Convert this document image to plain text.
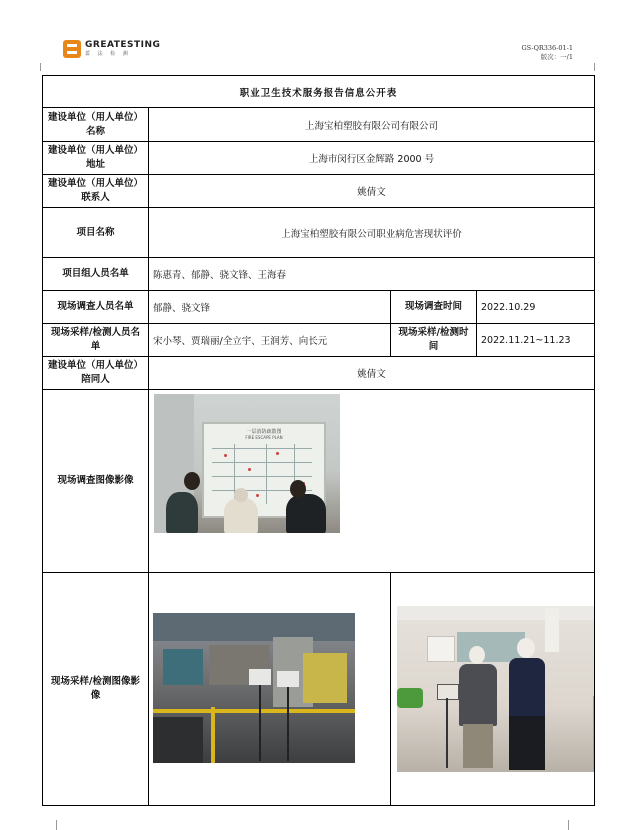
GREATESTING
蓋 法 检 测
GS-QR336-01-1
版次：一/1
职业卫生技术服务报告信息公开表			
建设单位（用人单位）名称	上海宝柏塑胶有限公司有限公司		
建设单位（用人单位）地址	上海市闵行区金辉路 2000 号		
建设单位（用人单位）联系人	姚倩文		
项目名称	上海宝柏塑胶有限公司职业病危害现状评价		
项目组人员名单	陈惠青、郁静、骁文锋、王海春		
现场调查人员名单	郁静、骁文锋	现场调查时间	2022.10.29
现场采样/检测人员名单	宋小琴、贾瑞丽/全立宇、王润芳、向长元	现场采样/检测时间	2022.11.21~11.23
建设单位（用人单位）陪同人	姚倩文		
现场调查图像影像	一层消防疏散图
FIRE ESCAPE PLAN		

现场采样/检测图像影像		
